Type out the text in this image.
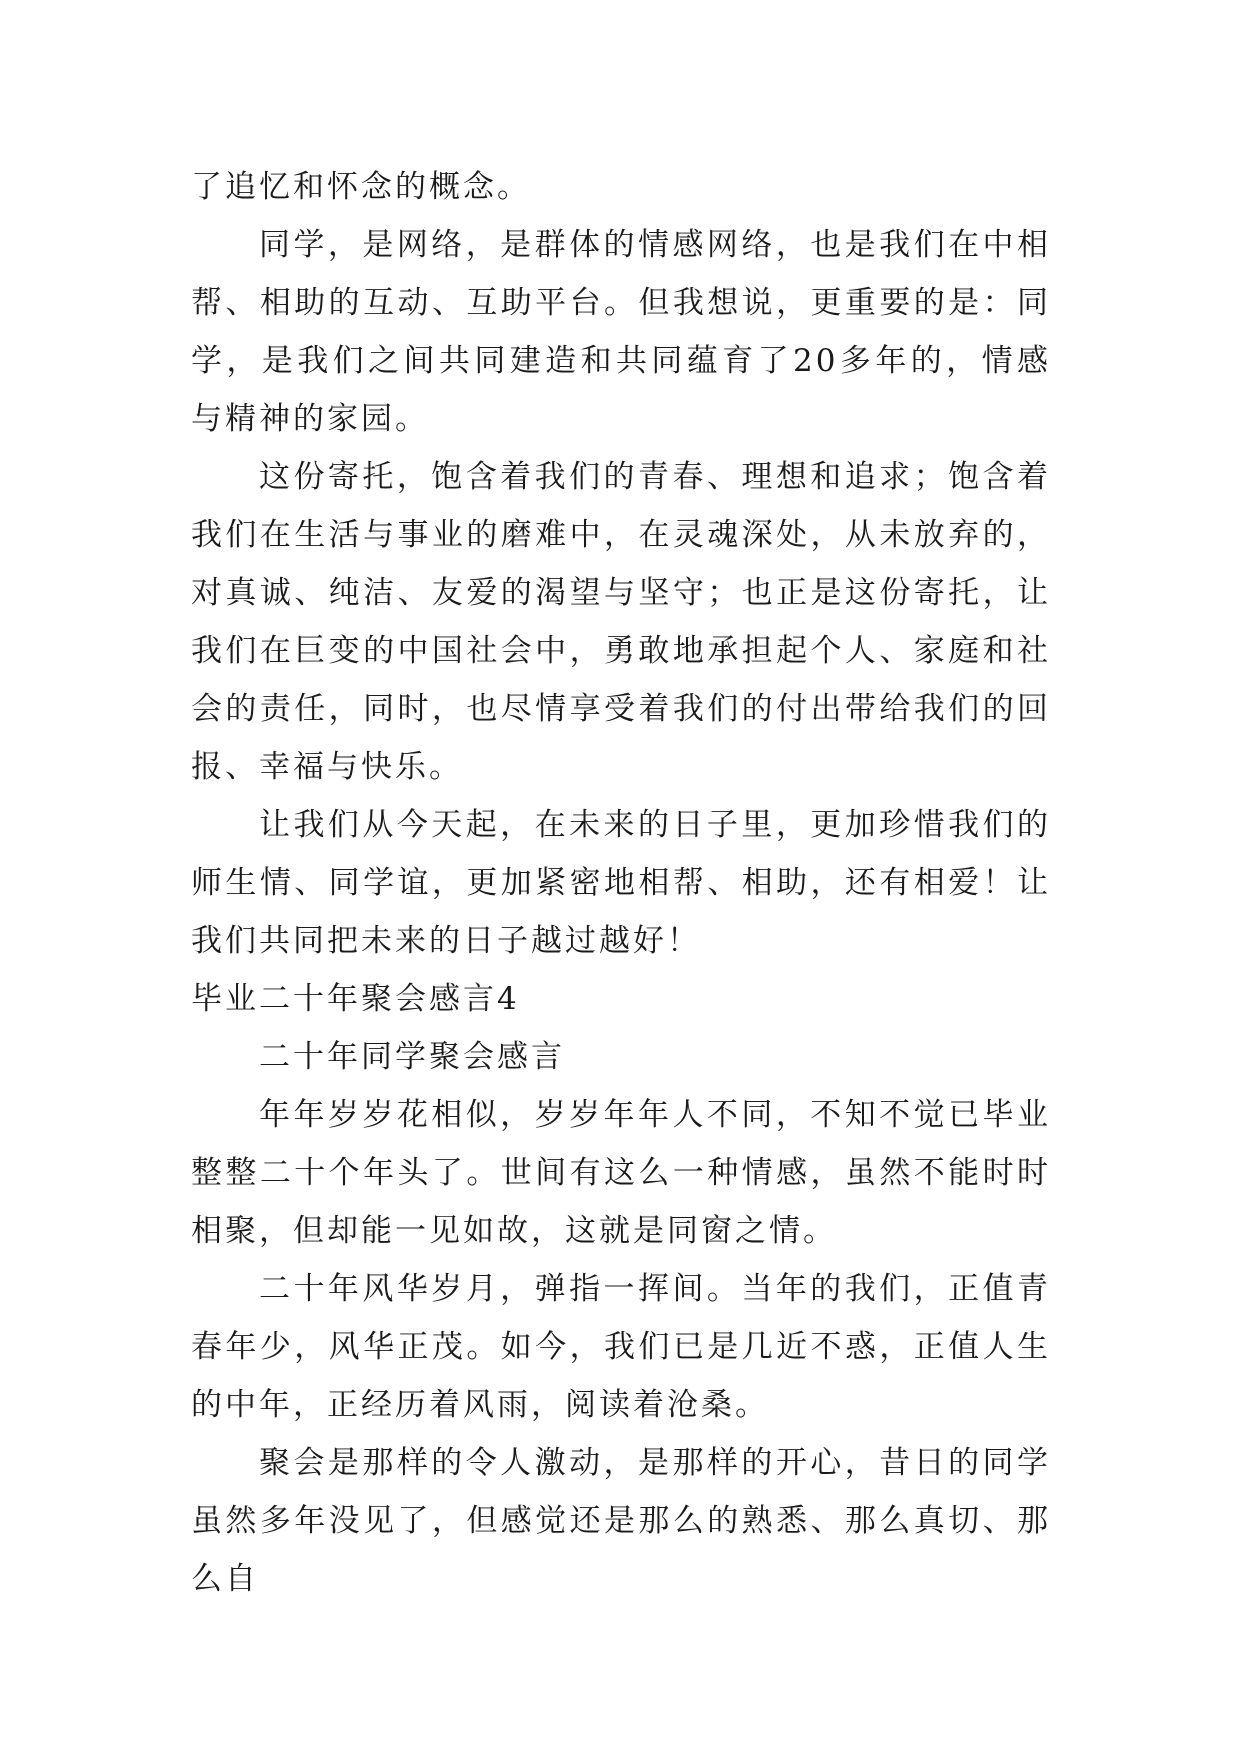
了追忆和怀念的概念。

同学，是网络，是群体的情感网络，也是我们在中相帮、相助的互动、互助平台。但我想说，更重要的是：同学，是我们之间共同建造和共同蕴育了20多年的，情感与精神的家园。

这份寄托，饱含着我们的青春、理想和追求；饱含着我们在生活与事业的磨难中，在灵魂深处，从未放弃的，对真诚、纯洁、友爱的渴望与坚守；也正是这份寄托，让我们在巨变的中国社会中，勇敢地承担起个人、家庭和社会的责任，同时，也尽情享受着我们的付出带给我们的回报、幸福与快乐。

让我们从今天起，在未来的日子里，更加珍惜我们的师生情、同学谊，更加紧密地相帮、相助，还有相爱！让我们共同把未来的日子越过越好！

毕业二十年聚会感言4

二十年同学聚会感言

年年岁岁花相似，岁岁年年人不同，不知不觉已毕业整整二十个年头了。世间有这么一种情感，虽然不能时时相聚，但却能一见如故，这就是同窗之情。

二十年风华岁月，弹指一挥间。当年的我们，正值青春年少，风华正茂。如今，我们已是几近不惑，正值人生的中年，正经历着风雨，阅读着沧桑。

聚会是那样的令人激动，是那样的开心，昔日的同学虽然多年没见了，但感觉还是那么的熟悉、那么真切、那么自
